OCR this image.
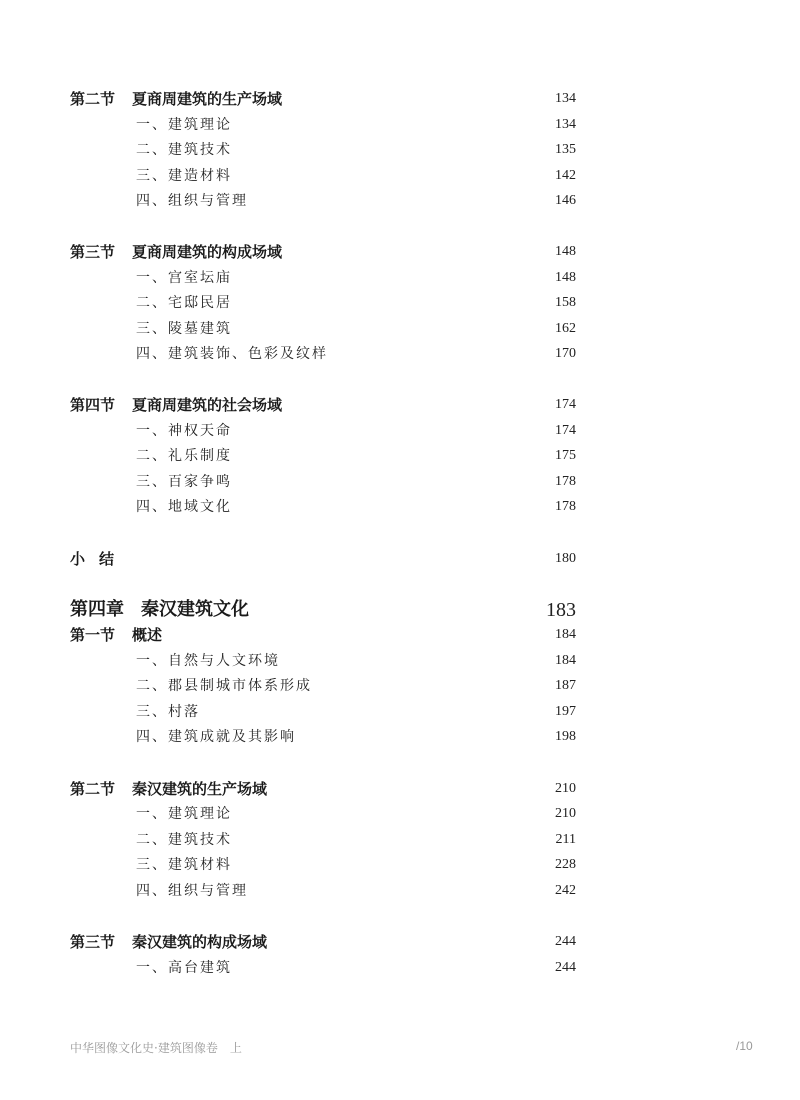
第二节 夏商周建筑的生产场域	134
一、建筑理论	134
二、建筑技术	135
三、建造材料	142
四、组织与管理	146
第三节 夏商周建筑的构成场域	148
一、宫室坛庙	148
二、宅邸民居	158
三、陵墓建筑	162
四、建筑装饰、色彩及纹样	170
第四节 夏商周建筑的社会场域	174
一、神权天命	174
二、礼乐制度	175
三、百家争鸣	178
四、地域文化	178
小结	180
第四章 秦汉建筑文化	183
第一节 概述	184
一、自然与人文环境	184
二、郡县制城市体系形成	187
三、村落	197
四、建筑成就及其影响	198
第二节 秦汉建筑的生产场域	210
一、建筑理论	210
二、建筑技术	211
三、建筑材料	228
四、组织与管理	242
第三节 秦汉建筑的构成场域	244
一、高台建筑	244
中华图像文化史·建筑图像卷　上	/10
